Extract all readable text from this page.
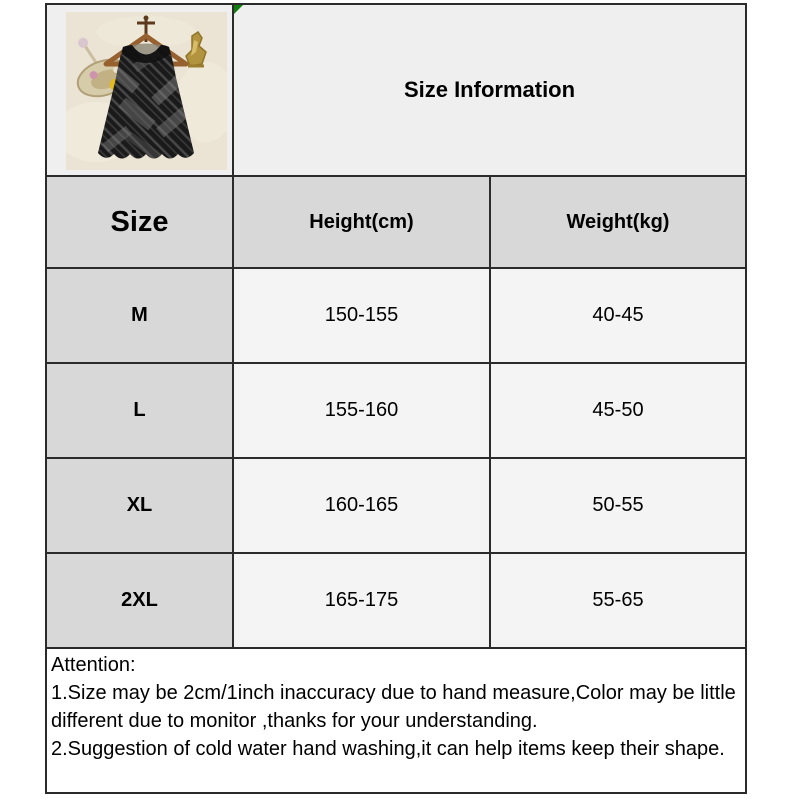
Size Information
Size	Height(cm)	Weight(kg)
M	150-155	40-45
L	155-160	45-50
XL	160-165	50-55
2XL	165-175	55-65
Attention:
1.Size may be 2cm/1inch inaccuracy due to hand measure,Color may be little
different due to monitor ,thanks for your understanding.
2.Suggestion of cold water hand washing,it can help items keep their shape.
